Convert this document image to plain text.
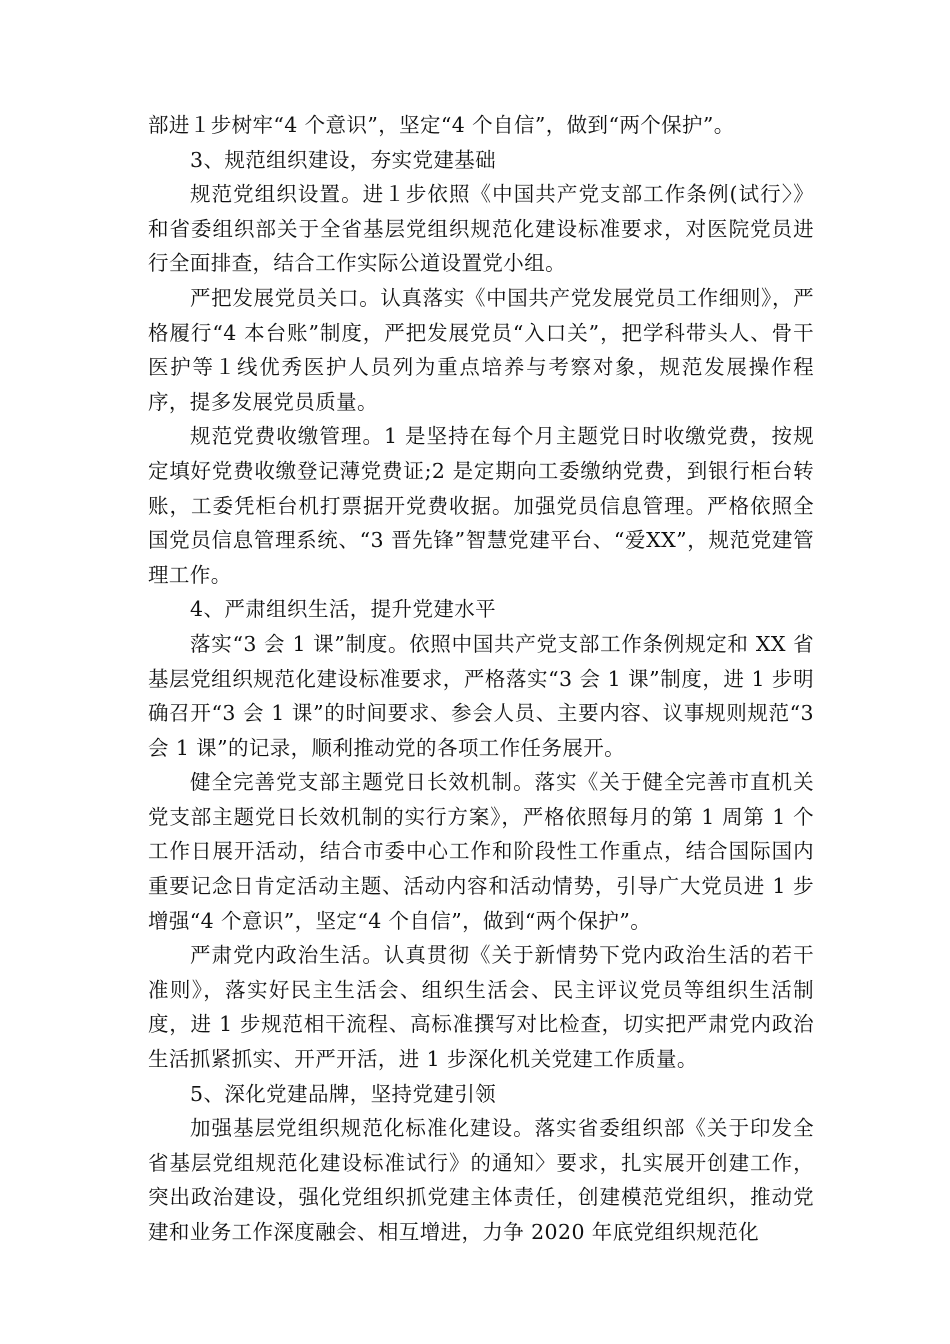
部进１步树牢“4 个意识”，坚定“4 个自信”，做到“两个保护”。

3、规范组织建设，夯实党建基础

规范党组织设置。进１步依照《中国共产党支部工作条例(试行〉》和省委组织部关于全省基层党组织规范化建设标准要求，对医院党员进行全面排查，结合工作实际公道设置党小组。

严把发展党员关口。认真落实《中国共产党发展党员工作细则》，严格履行“4 本台账”制度，严把发展党员“入口关”，把学科带头人、骨干医护等１线优秀医护人员列为重点培养与考察对象，规范发展操作程序，提多发展党员质量。

规范党费收缴管理。1 是坚持在每个月主题党日时收缴党费，按规定填好党费收缴登记薄党费证;2 是定期向工委缴纳党费，到银行柜台转账，工委凭柜台机打票据开党费收据。加强党员信息管理。严格依照全国党员信息管理系统、“3 晋先锋”智慧党建平台、“爱XX”，规范党建管理工作。

4、严肃组织生活，提升党建水平

落实“3 会 1 课”制度。依照中国共产党支部工作条例规定和 XX 省基层党组织规范化建设标准要求，严格落实“3 会 1 课”制度，进 1 步明确召开“3 会 1 课”的时间要求、参会人员、主要内容、议事规则规范“3 会 1 课”的记录，顺利推动党的各项工作任务展开。

健全完善党支部主题党日长效机制。落实《关于健全完善市直机关党支部主题党日长效机制的实行方案》，严格依照每月的第 1 周第 1 个工作日展开活动，结合市委中心工作和阶段性工作重点，结合国际国内重要记念日肯定活动主题、活动内容和活动情势，引导广大党员进 1 步增强“4 个意识”，坚定“4 个自信”，做到“两个保护”。

严肃党内政治生活。认真贯彻《关于新情势下党内政治生活的若干准则》，落实好民主生活会、组织生活会、民主评议党员等组织生活制度，进 1 步规范相干流程、高标准撰写对比检查，切实把严肃党内政治生活抓紧抓实、开严开活，进 1 步深化机关党建工作质量。

5、深化党建品牌，坚持党建引领

加强基层党组织规范化标准化建设。落实省委组织部《关于印发全省基层党组规范化建设标准试行》的通知〉要求，扎实展开创建工作，突出政治建设，强化党组织抓党建主体责任，创建模范党组织，推动党建和业务工作深度融会、相互增进，力争 2020 年底党组织规范化
